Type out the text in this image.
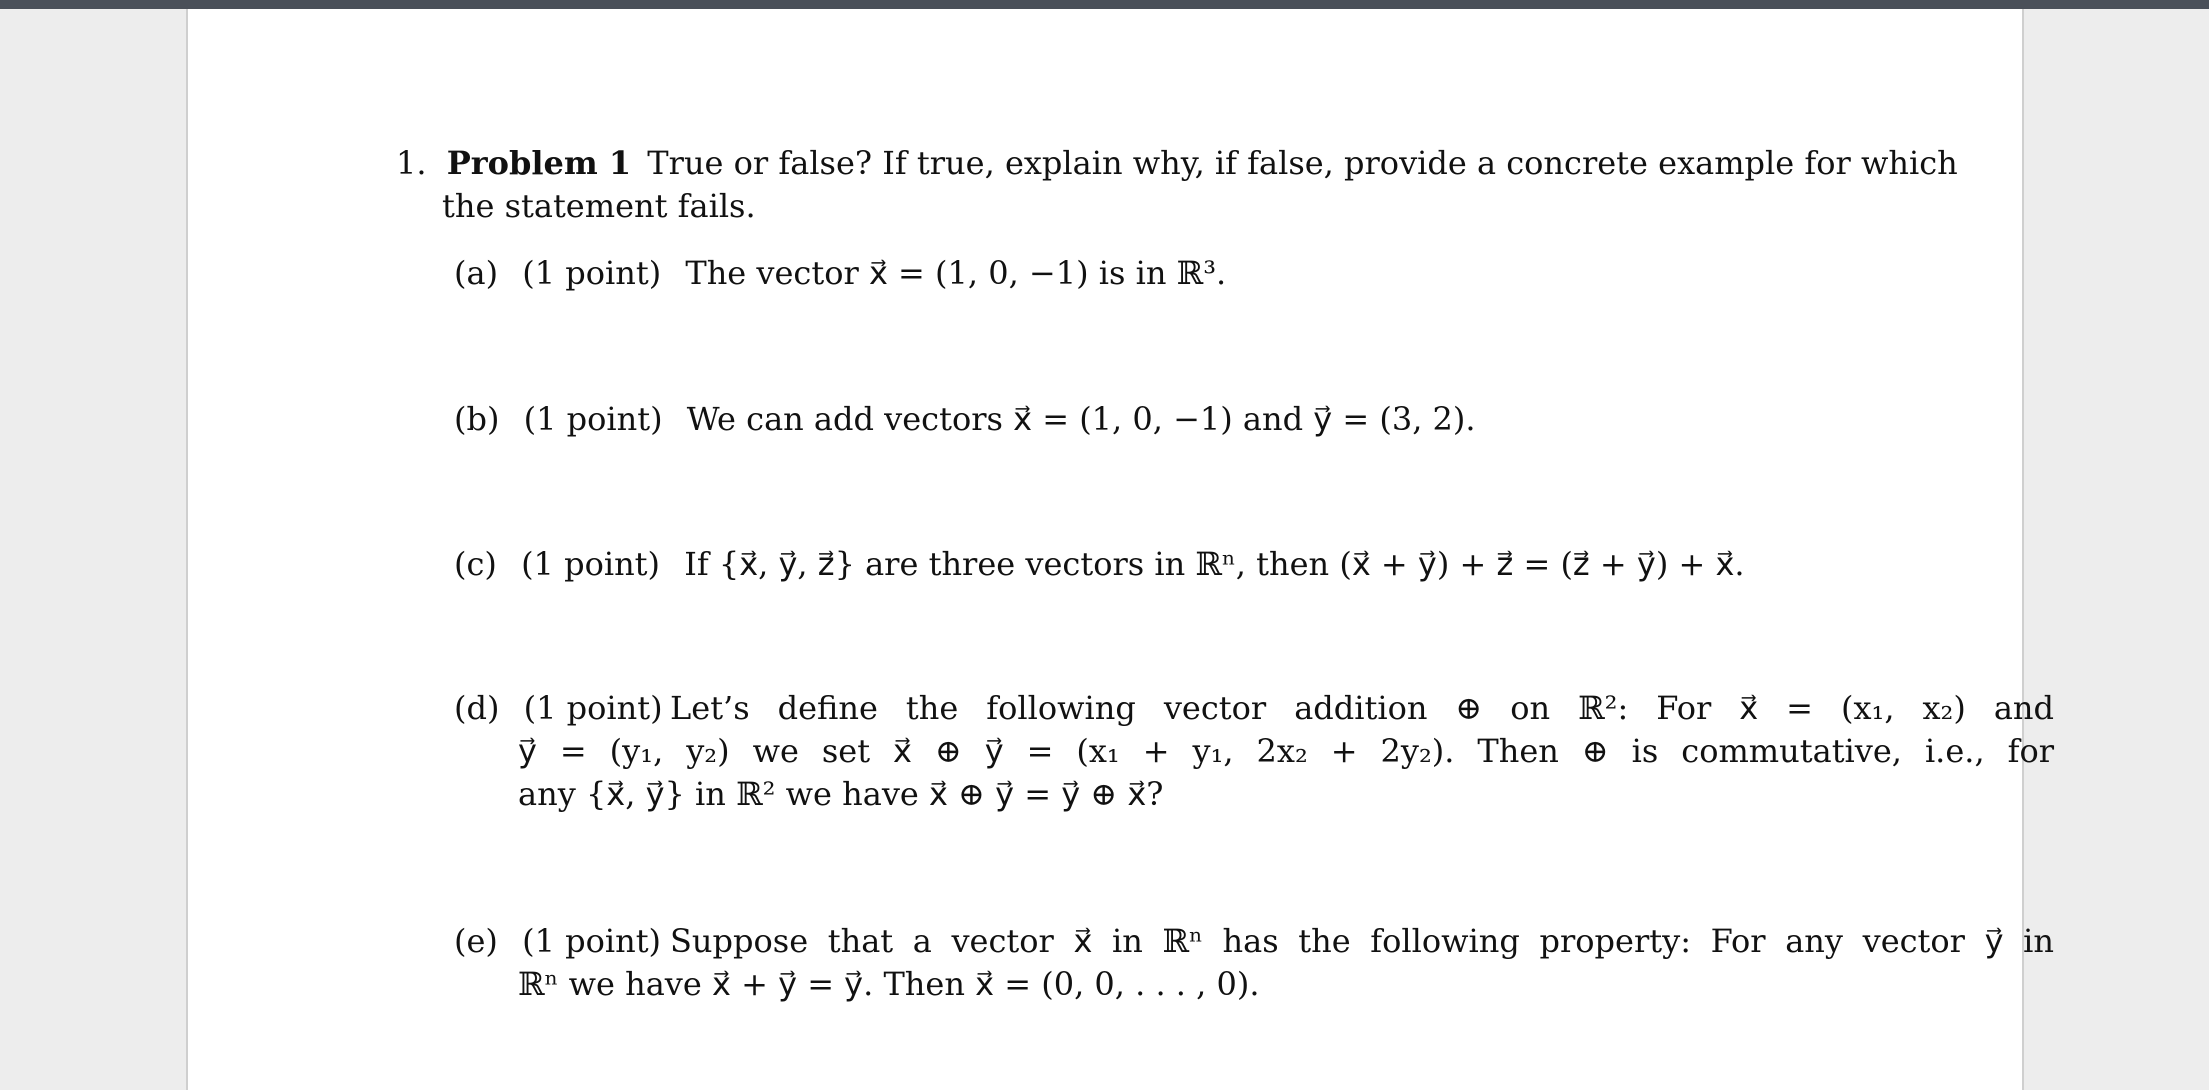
1. Problem 1 True or false? If true, explain why, if false, provide a concrete example for which
the statement fails.
(a) (1 point) The vector x⃗ = (1, 0, −1) is in ℝ³.
(b) (1 point) We can add vectors x⃗ = (1, 0, −1) and y⃗ = (3, 2).
(c) (1 point) If {x⃗, y⃗, z⃗} are three vectors in ℝⁿ, then (x⃗ + y⃗) + z⃗ = (z⃗ + y⃗) + x⃗.
(d) (1 point) Let’s define the following vector addition ⊕ on ℝ²: For x⃗ = (x₁, x₂) and
y⃗ = (y₁, y₂) we set x⃗ ⊕ y⃗ = (x₁ + y₁, 2x₂ + 2y₂). Then ⊕ is commutative, i.e., for
any {x⃗, y⃗} in ℝ² we have x⃗ ⊕ y⃗ = y⃗ ⊕ x⃗?
(e) (1 point) Suppose that a vector x⃗ in ℝⁿ has the following property: For any vector y⃗ in
ℝⁿ we have x⃗ + y⃗ = y⃗. Then x⃗ = (0, 0, . . . , 0).
